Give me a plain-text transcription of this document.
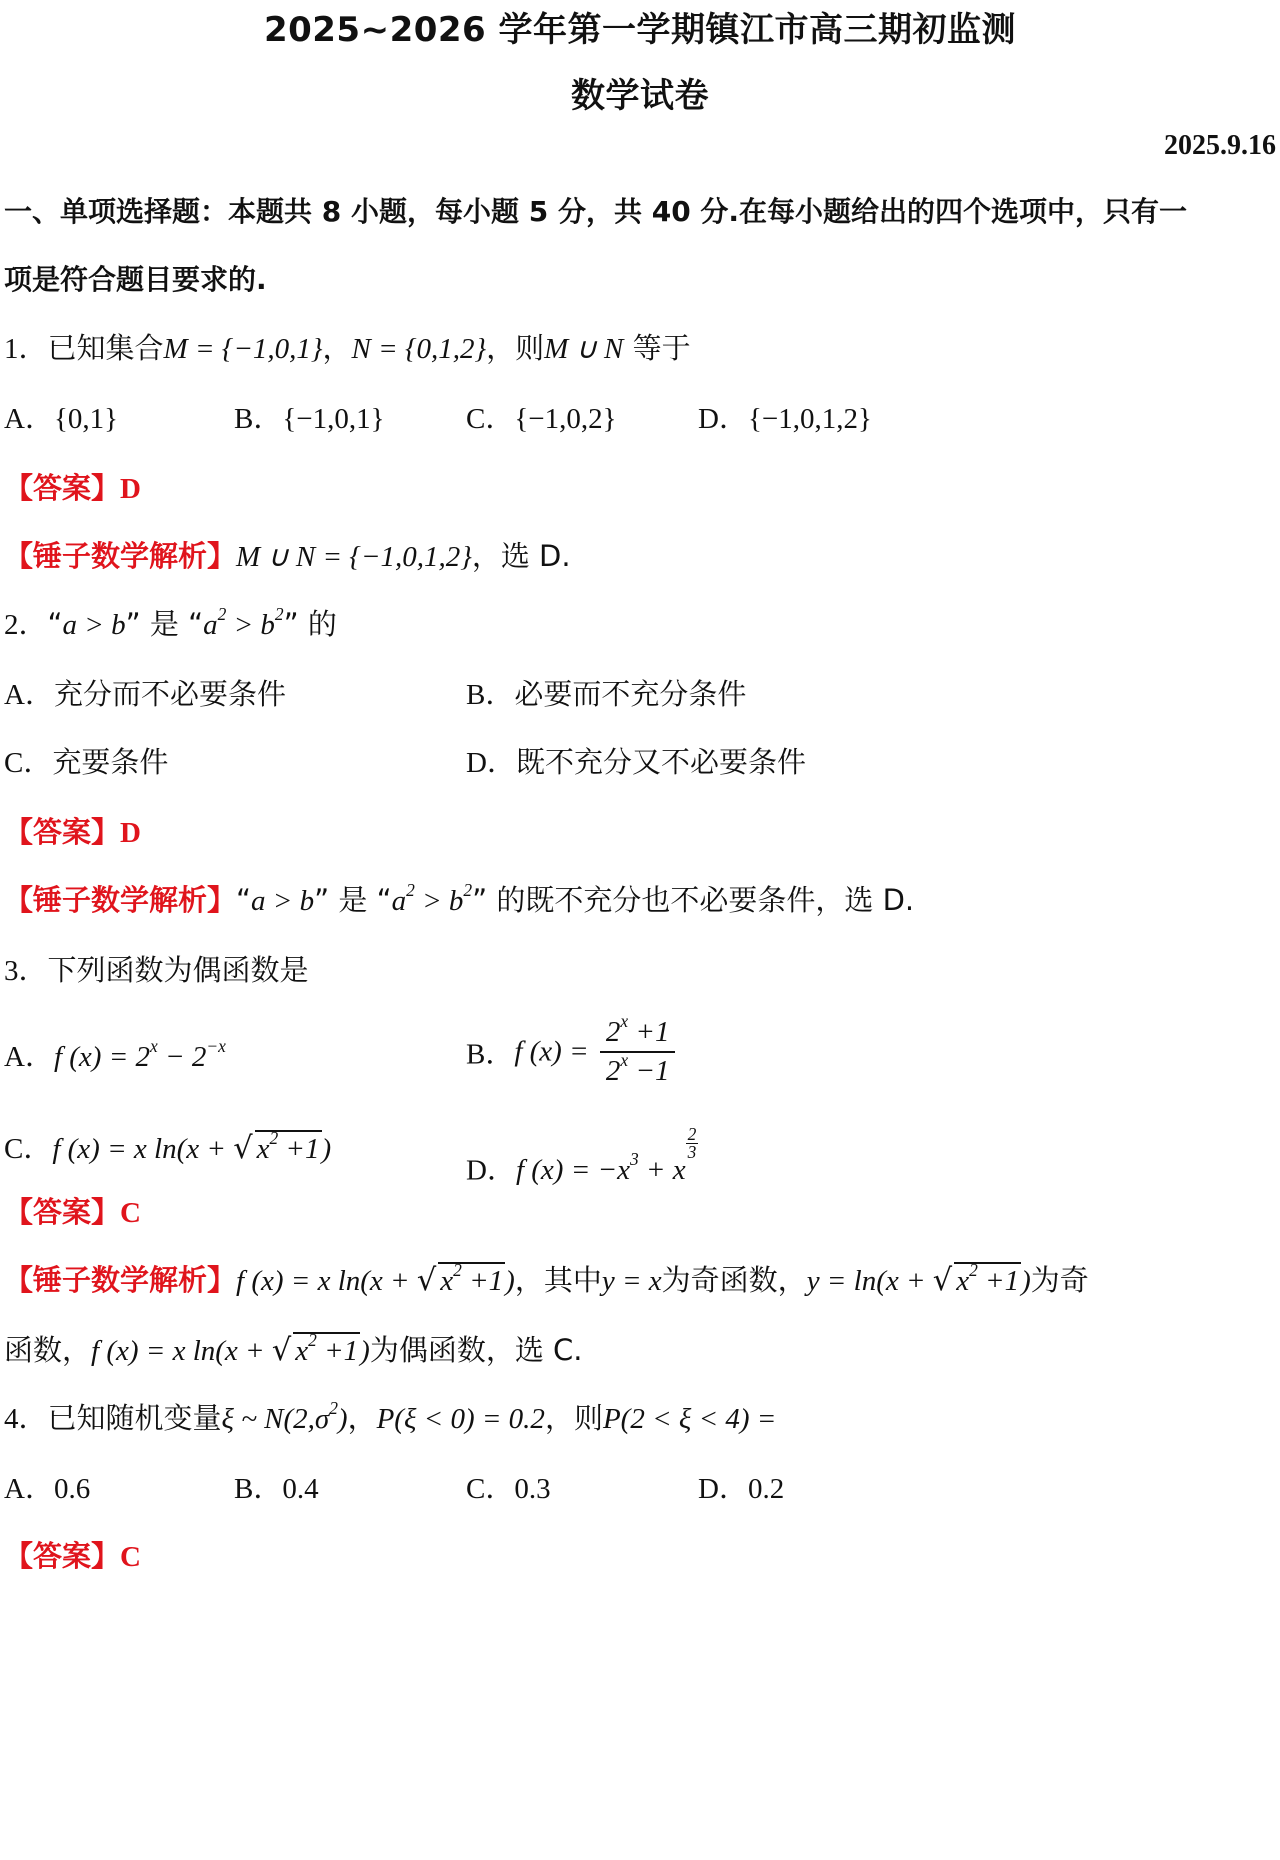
2025~2026 学年第一学期镇江市高三期初监测
数学试卷
2025.9.16
一、单项选择题：本题共 8 小题，每小题 5 分，共 40 分.在每小题给出的四个选项中，只有一
项是符合题目要求的.
1．已知集合M = {−1,0,1}，N = {0,1,2}，则M ∪ N 等于
A．{0,1}	B．{−1,0,1}	C．{−1,0,2}	D．{−1,0,1,2}
【答案】D
【锤子数学解析】M ∪ N = {−1,0,1,2}，选 D.
2．“a > b” 是 “$a^2 > b^2$” 的
A．充分而不必要条件	B．必要而不充分条件
C．充要条件	D．既不充分又不必要条件
【答案】D
【锤子数学解析】“a > b” 是 “$a^2 > b^2$” 的既不充分也不必要条件，选 D.
3．下列函数为偶函数是
A．f $(x) = 2^x - 2^{-x}$	B．f $(x) = \frac{2^x +1}{2^x -1}$
C．f (x) = x ln(x + √ $x^2 +1$)
D．f $(x) = -x^3 + x$
$\frac{2}{3}$
【答案】C
【锤子数学解析】f (x) = x ln(x + √ $x^2 +1$)，其中y = x为奇函数，y = ln(x + √ $x^2 +1$)为奇
函数，f (x) = x ln(x + √ $x^2 +1$)为偶函数，选 C.
4．已知随机变量ξ ~ $N(2,\sigma^2)$，P(ξ < 0) = 0.2，则P(2 < ξ < 4) =
A．0.6	B．0.4	C．0.3	D．0.2
【答案】C
